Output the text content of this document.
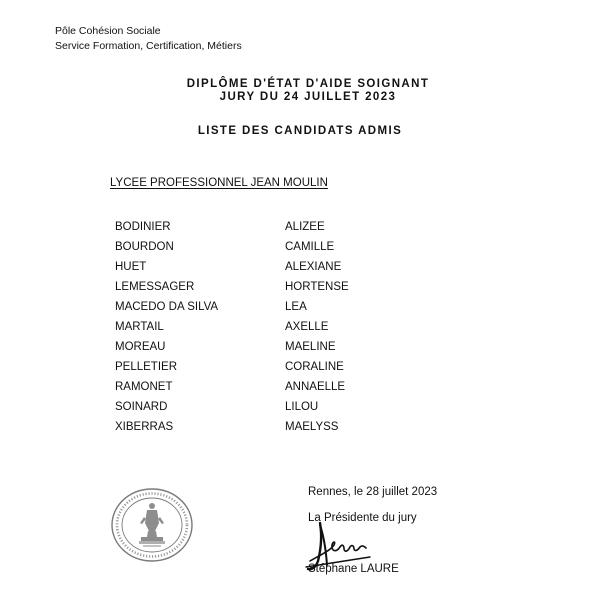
Pôle Cohésion Sociale
Service Formation, Certification, Métiers
DIPLÔME D'ÉTAT D'AIDE SOIGNANT
JURY DU 24 JUILLET 2023
LISTE DES CANDIDATS ADMIS
LYCEE PROFESSIONNEL JEAN MOULIN
BODINIER	ALIZEE
BOURDON	CAMILLE
HUET	ALEXIANE
LEMESSAGER	HORTENSE
MACEDO DA SILVA	LEA
MARTAIL	AXELLE
MOREAU	MAELINE
PELLETIER	CORALINE
RAMONET	ANNAELLE
SOINARD	LILOU
XIBERRAS	MAELYSS
Rennes, le 28 juillet 2023
La Présidente du jury
Stéphane LAURE
